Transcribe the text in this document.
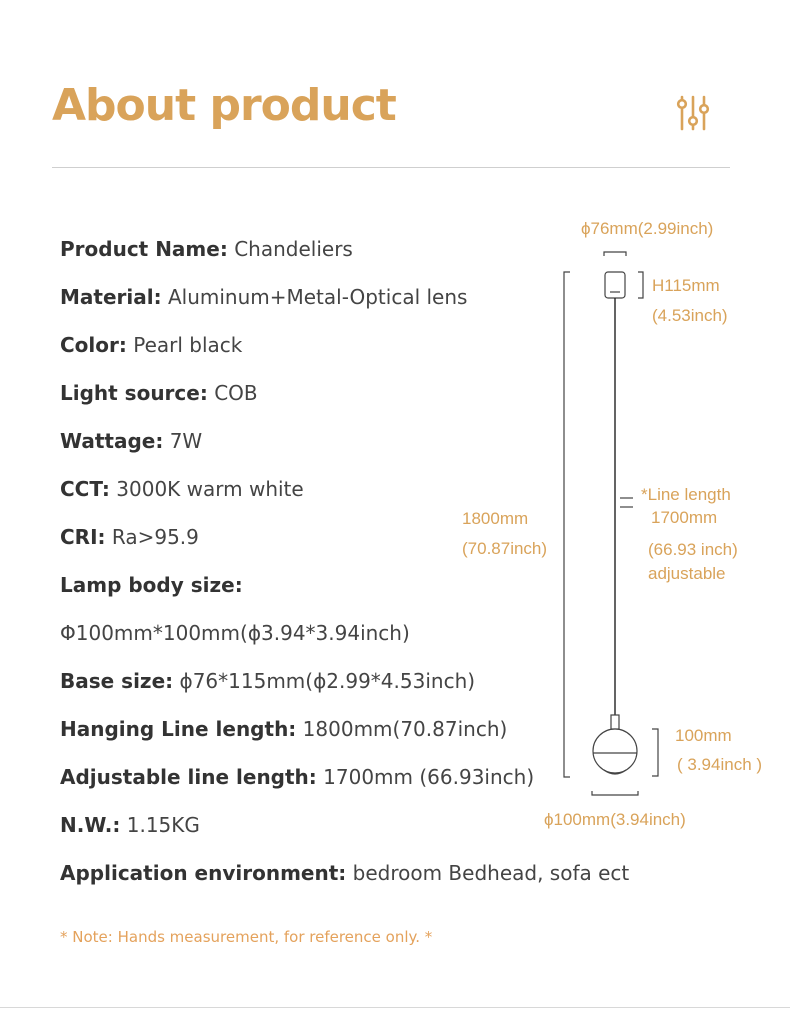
About product
Product Name: Chandeliers
Material: Aluminum+Metal-Optical lens
Color: Pearl black
Light source: COB
Wattage: 7W
CCT: 3000K warm white
CRI: Ra>95.9
Lamp body size:
Φ100mm*100mm(ϕ3.94*3.94inch)
Base size: ϕ76*115mm(ϕ2.99*4.53inch)
Hanging Line length: 1800mm(70.87inch)
Adjustable line length: 1700mm (66.93inch)
N.W.: 1.15KG
Application environment: bedroom Bedhead, sofa ect
ϕ76mm(2.99inch)
H115mm
(4.53inch)
1800mm
(70.87inch)
*Line length
1700mm
(66.93 inch)
adjustable
100mm
( 3.94inch )
ϕ100mm(3.94inch)
* Note: Hands measurement, for reference only. *
